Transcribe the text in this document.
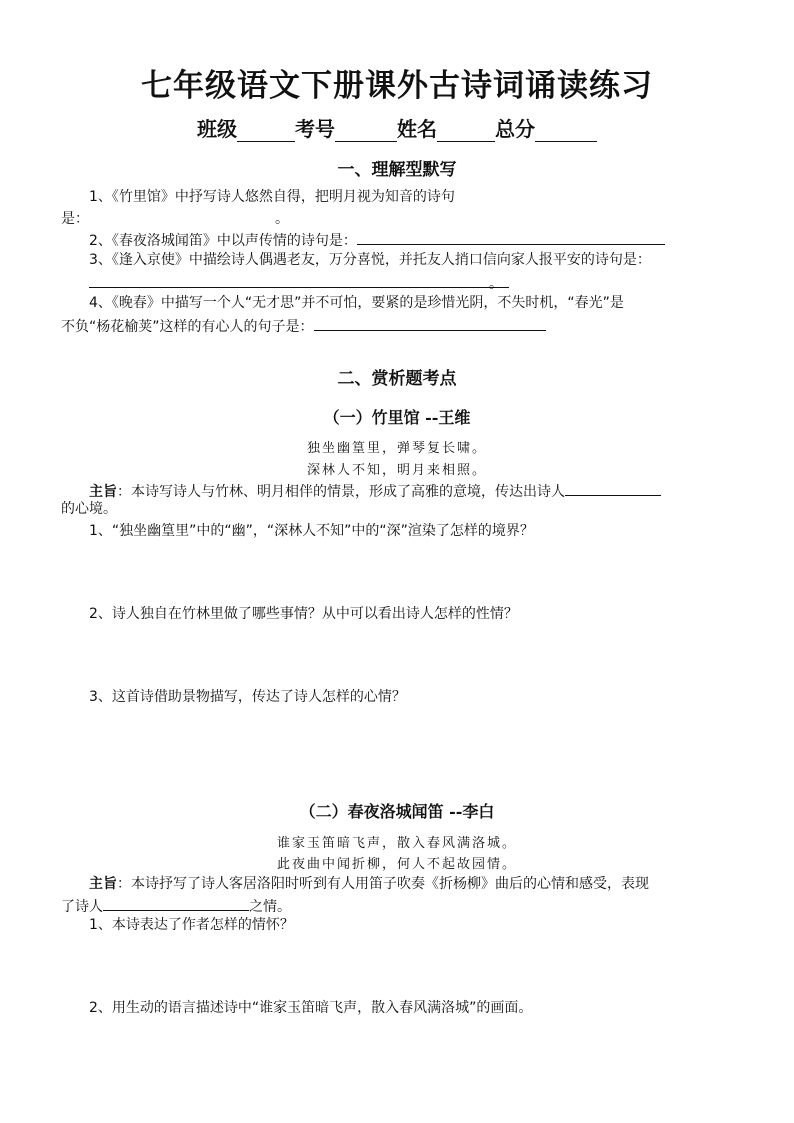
七年级语文下册课外古诗词诵读练习
班级	考号	姓名	总分
一、理解型默写
1、《竹里馆》中抒写诗人悠然自得，把明月视为知音的诗句
是：	。
2、《春夜洛城闻笛》中以声传情的诗句是：
3、《逢入京使》中描绘诗人偶遇老友，万分喜悦，并托友人捎口信向家人报平安的诗句是：
。
4、《晚春》中描写一个人“无才思”并不可怕，要紧的是珍惜光阴，不失时机，“春光”是
不负“杨花榆荚”这样的有心人的句子是：
二、赏析题考点
（一）竹里馆 --王维
独坐幽篁里，弹琴复长啸。
深林人不知，明月来相照。
主旨：本诗写诗人与竹林、明月相伴的情景，形成了高雅的意境，传达出诗人
的心境。
1、“独坐幽篁里”中的“幽”，“深林人不知”中的“深”渲染了怎样的境界？
2、诗人独自在竹林里做了哪些事情？从中可以看出诗人怎样的性情？
3、这首诗借助景物描写，传达了诗人怎样的心情？
（二）春夜洛城闻笛 --李白
谁家玉笛暗飞声，散入春风满洛城。
此夜曲中闻折柳，何人不起故园情。
主旨：本诗抒写了诗人客居洛阳时听到有人用笛子吹奏《折杨柳》曲后的心情和感受，表现
了诗人	之情。
1、本诗表达了作者怎样的情怀？
2、用生动的语言描述诗中“谁家玉笛暗飞声，散入春风满洛城”的画面。
